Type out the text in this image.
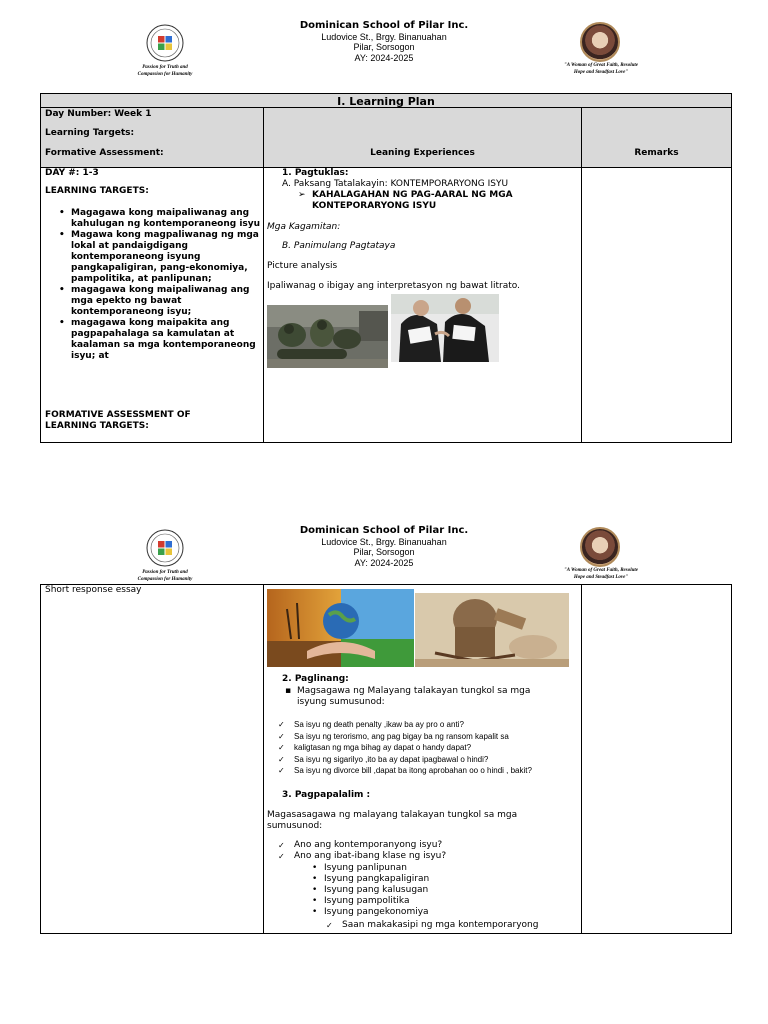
Passion for Truth and
Compassion for Humanity
Dominican School of Pilar Inc.
Ludovice St., Brgy. Binanuahan
Pilar, Sorsogon
AY: 2024-2025
"A Woman of Great Faith, Resolute
Hope and Steadfast Love"
I. Learning Plan
Day Number: Week 1
Learning Targets:
Formative Assessment:	Leaning Experiences	Remarks
DAY #: 1-3
LEARNING TARGETS:
• Magagawa kong maipaliwanag ang kahulugan ng kontemporaneong isyu
• Magawa kong magpaliwanag ng mga lokal at pandaigdigang kontemporaneong isyung pangkapaligiran, pang-ekonomiya, pampolitika, at panlipunan;
• magagawa kong maipaliwanag ang mga epekto ng bawat kontemporaneong isyu;
• magagawa kong maipakita ang pagpapahalaga sa kamulatan at kaalaman sa mga kontemporaneong isyu; at
FORMATIVE ASSESSMENT OF
LEARNING TARGETS:
1. Pagtuklas:
A. Paksang Tatalakayin: KONTEMPORARYONG ISYU
➢ KAHALAGAHAN NG PAG-AARAL NG MGA
KONTEPORARYONG ISYU
Mga Kagamitan:
B. Panimulang Pagtataya
Picture analysis
Ipaliwanag o ibigay ang interpretasyon ng bawat litrato.
Passion for Truth and
Compassion for Humanity
Dominican School of Pilar Inc.
Ludovice St., Brgy. Binanuahan
Pilar, Sorsogon
AY: 2024-2025
"A Woman of Great Faith, Resolute
Hope and Steadfast Love"
Short response essay
2. Paglinang:
▪ Magsagawa ng Malayang talakayan tungkol sa mga
isyung sumusunod:
✓ Sa isyu ng death penalty ,ikaw ba ay pro o anti?
✓ Sa isyu ng terorismo, ang pag bigay ba ng ransom kapalit sa
✓ kaligtasan ng mga bihag ay dapat o handy dapat?
✓ Sa isyu ng sigarilyo ,ito ba ay dapat ipagbawal o hindi?
✓ Sa isyu ng divorce bill ,dapat ba itong aprobahan oo o hindi , bakit?
3. Pagpapalalim :
Magasasagawa ng malayang talakayan tungkol sa mga
sumusunod:
✓ Ano ang kontemporanyong isyu?
✓ Ano ang ibat-ibang klase ng isyu?
• Isyung panlipunan
• Isyung pangkapaligiran
• Isyung pang kalusugan
• Isyung pampolitika
• Isyung pangekonomiya
✓ Saan makakasipi ng mga kontemporaryong
